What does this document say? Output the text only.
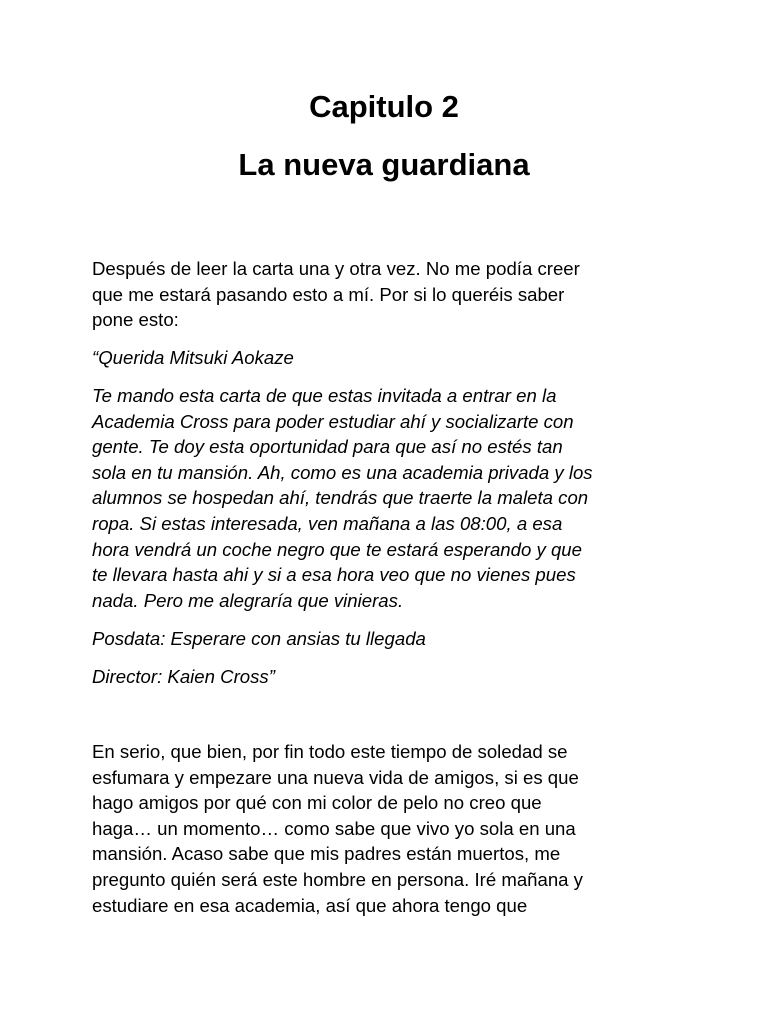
Capitulo 2
La nueva guardiana

Después de leer la carta una y otra vez. No me podía creer
que me estará pasando esto a mí. Por si lo queréis saber
pone esto:

“Querida Mitsuki Aokaze

Te mando esta carta de que estas invitada a entrar en la
Academia Cross para poder estudiar ahí y socializarte con
gente. Te doy esta oportunidad para que así no estés tan
sola en tu mansión. Ah, como es una academia privada y los
alumnos se hospedan ahí, tendrás que traerte la maleta con
ropa. Si estas interesada, ven mañana a las 08:00, a esa
hora vendrá un coche negro que te estará esperando y que
te llevara hasta ahi y si a esa hora veo que no vienes pues
nada. Pero me alegraría que vinieras.

Posdata: Esperare con ansias tu llegada

Director: Kaien Cross”

En serio, que bien, por fin todo este tiempo de soledad se
esfumara y empezare una nueva vida de amigos, si es que
hago amigos por qué con mi color de pelo no creo que
haga… un momento… como sabe que vivo yo sola en una
mansión. Acaso sabe que mis padres están muertos, me
pregunto quién será este hombre en persona. Iré mañana y
estudiare en esa academia, así que ahora tengo que
